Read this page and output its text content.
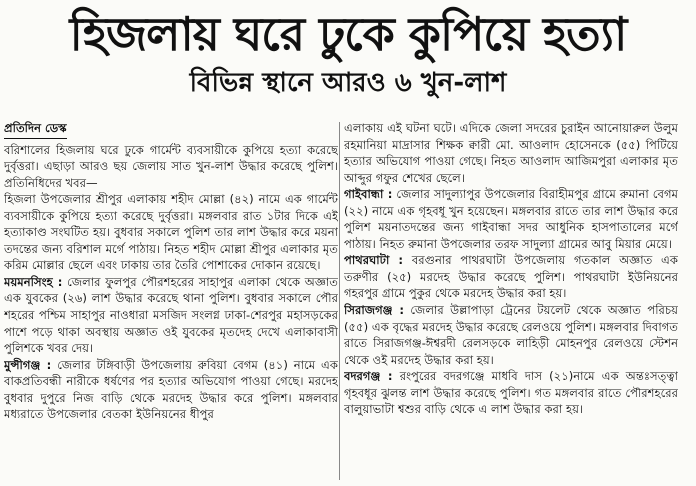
হিজলায় ঘরে ঢুকে কুপিয়ে হত্যা
বিভিন্ন স্থানে আরও ৬ খুন-লাশ
প্রতিদিন ডেস্ক

বরিশালের হিজলায় ঘরে ঢুকে গার্মেন্ট ব্যবসায়ীকে কুপিয়ে হত্যা করেছে দুর্বৃত্তরা। এছাড়া আরও ছয় জেলায় সাত খুন-লাশ উদ্ধার করেছে পুলিশ। প্রতিনিধিদের খবর—

হিজলা উপজেলার শ্রীপুর এলাকায় শহীদ মোল্লা (৪২) নামে এক গার্মেন্ট ব্যবসায়ীকে কুপিয়ে হত্যা করেছে দুর্বৃত্তরা। মঙ্গলবার রাত ১টার দিকে এই হত্যাকাণ্ড সংঘটিত হয়। বুধবার সকালে পুলিশ তার লাশ উদ্ধার করে ময়না তদন্তের জন্য বরিশাল মর্গে পাঠায়। নিহত শহীদ মোল্লা শ্রীপুর এলাকার মৃত করিম মোল্লার ছেলে এবং ঢাকায় তার তৈরি পোশাকের দোকান রয়েছে।

ময়মনসিংহ : জেলার ফুলপুর পৌরশহরের সাহাপুর এলাকা থেকে অজ্ঞাত এক যুবকের (২৬) লাশ উদ্ধার করেছে থানা পুলিশ। বুধবার সকালে পৌর শহরের পশ্চিম সাহাপুর নাওধারা মসজিদ সংলগ্ন ঢাকা-শেরপুর মহাসড়কের পাশে পড়ে থাকা অবস্থায় অজ্ঞাত ওই যুবকের মৃতদেহ দেখে এলাকাবাসী পুলিশকে খবর দেয়।

মুন্সীগঞ্জ : জেলার টঙ্গিবাড়ী উপজেলায় রুবিয়া বেগম (৪১) নামে এক বাকপ্রতিবন্ধী নারীকে ধর্ষণের পর হত্যার অভিযোগ পাওয়া গেছে। মরদেহ বুধবার দুপুরে নিজ বাড়ি থেকে মরদেহ উদ্ধার করে পুলিশ। মঙ্গলবার মধ্যরাতে উপজেলার বেতকা ইউনিয়নের ধীপুর

এলাকায় এই ঘটনা ঘটে। এদিকে জেলা সদরের চুরাইন আনোয়ারুল উলুম রহমানিয়া মাদ্রাসার শিক্ষক ক্বারী মো. আওলাদ হোসেনকে (৫৫) পিটিয়ে হত্যার অভিযোগ পাওয়া গেছে। নিহত আওলাদ আজিমপুরা এলাকার মৃত আব্দুর গফুর শেখের ছেলে।

গাইবান্ধা : জেলার সাদুল্যাপুর উপজেলার বিরাহীমপুর গ্রামে রুমানা বেগম (২২) নামে এক গৃহবধূ খুন হয়েছেন। মঙ্গলবার রাতে তার লাশ উদ্ধার করে পুলিশ ময়নাতদন্তের জন্য গাইবান্ধা সদর আধুনিক হাসপাতালের মর্গে পাঠায়। নিহত রুমানা উপজেলার তরফ সাদুল্যা গ্রামের আবু মিয়ার মেয়ে।

পাথরঘাটা : বরগুনার পাথরঘাটা উপজেলায় গতকাল অজ্ঞাত এক তরুণীর (২৫) মরদেহ উদ্ধার করেছে পুলিশ। পাথরঘাটা ইউনিয়নের গহরপুর গ্রামে পুকুর থেকে মরদেহ উদ্ধার করা হয়।

সিরাজগঞ্জ : জেলার উল্লাপাড়া ট্রেনের টয়লেট থেকে অজ্ঞাত পরিচয় (৫৫) এক বৃদ্ধের মরদেহ উদ্ধার করেছে রেলওয়ে পুলিশ। মঙ্গলবার দিবাগত রাতে সিরাজগঞ্জ-ঈশ্বরদী রেলসড়কে লাহিড়ী মোহনপুর রেলওয়ে স্টেশন থেকে ওই মরদেহ উদ্ধার করা হয়।

বদরগঞ্জ : রংপুরের বদরগঞ্জে মাধবি দাস (২১)নামে এক অন্তঃসত্ত্বা গৃহবধূর ঝুলন্ত লাশ উদ্ধার করেছে পুলিশ। গত মঙ্গলবার রাতে পৌরশহরের বালুয়াভাটা শ্বশুর বাড়ি থেকে এ লাশ উদ্ধার করা হয়।
